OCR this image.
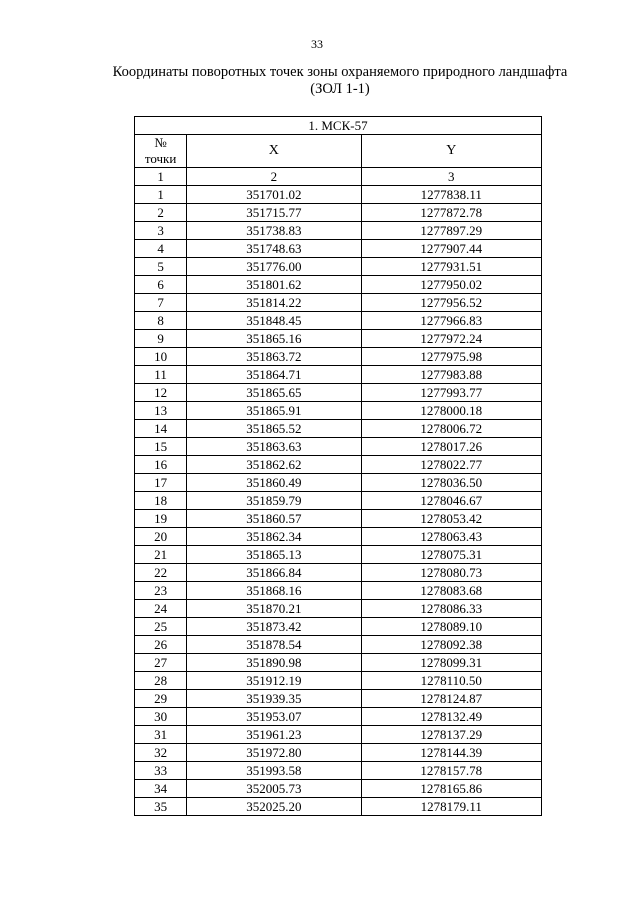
33
Координаты поворотных точек зоны охраняемого природного ландшафта
(ЗОЛ 1-1)
1. МСК-57		

№
точки	X	Y
1	2	3
1	351701.02	1277838.11
2	351715.77	1277872.78
3	351738.83	1277897.29
4	351748.63	1277907.44
5	351776.00	1277931.51
6	351801.62	1277950.02
7	351814.22	1277956.52
8	351848.45	1277966.83
9	351865.16	1277972.24
10	351863.72	1277975.98
11	351864.71	1277983.88
12	351865.65	1277993.77
13	351865.91	1278000.18
14	351865.52	1278006.72
15	351863.63	1278017.26
16	351862.62	1278022.77
17	351860.49	1278036.50
18	351859.79	1278046.67
19	351860.57	1278053.42
20	351862.34	1278063.43
21	351865.13	1278075.31
22	351866.84	1278080.73
23	351868.16	1278083.68
24	351870.21	1278086.33
25	351873.42	1278089.10
26	351878.54	1278092.38
27	351890.98	1278099.31
28	351912.19	1278110.50
29	351939.35	1278124.87
30	351953.07	1278132.49
31	351961.23	1278137.29
32	351972.80	1278144.39
33	351993.58	1278157.78
34	352005.73	1278165.86
35	352025.20	1278179.11
